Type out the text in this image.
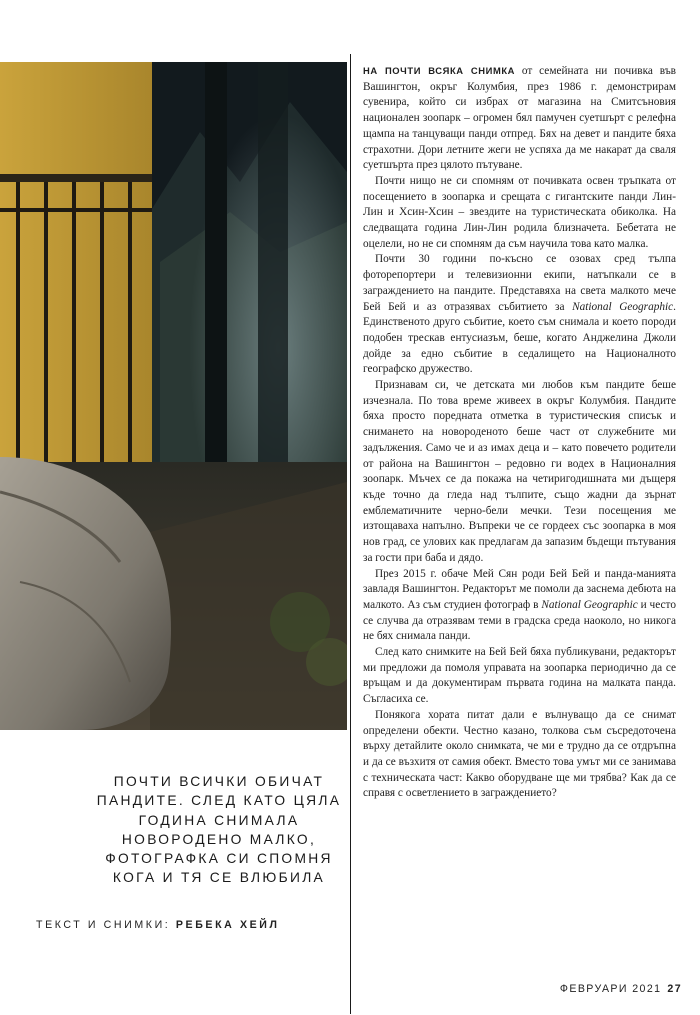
НА ПОЧТИ ВСЯКА СНИМКА от семейната ни почивка във Вашингтон, окръг Колумбия, през 1986 г. демонстрирам сувенира, който си избрах от магазина на Смитсъновия национален зоопарк – огромен бял памучен суетшърт с релефна щампа на танцуващи панди отпред. Бях на девет и пандите бяха страхотни. Дори летните жеги не успяха да ме накарат да сваля суетшърта през цялото пътуване.

Почти нищо не си спомням от почивката освен тръпката от посещението в зоопарка и срещата с гигантските панди Лин-Лин и Хсин-Хсин – звездите на туристическата обиколка. На следващата година Лин-Лин родила близначета. Бебетата не оцелели, но не си спомням да съм научила това като малка.

Почти 30 години по-късно се озовах сред тълпа фоторепортери и телевизионни екипи, натъпкали се в заграждението на пандите. Представяха на света малкото мече Бей Бей и аз отразявах събитието за National Geographic. Единственото друго събитие, което съм снимала и което породи подобен трескав ентусиазъм, беше, когато Анджелина Джоли дойде за едно събитие в седалището на Националното географско дружество.

Признавам си, че детската ми любов към пандите беше изчезнала. По това време живеех в окръг Колумбия. Пандите бяха просто поредната отметка в туристическия списък и снимането на новороденото беше част от служебните ми задължения. Само че и аз имах деца и – като повечето родители от района на Вашингтон – редовно ги водех в Националния зоопарк. Мъчех се да покажа на четиригодишната ми дъщеря къде точно да гледа над тълпите, също жадни да зърнат емблематичните черно-бели мечки. Тези посещения ме изтощаваха напълно. Въпреки че се гордеех със зоопарка в моя нов град, се улових как предлагам да запазим бъдещи пътувания за гости при баба и дядо.

През 2015 г. обаче Мей Сян роди Бей Бей и панда-манията завладя Вашингтон. Редакторът ме помоли да заснема дебюта на малкото. Аз съм студиен фотограф в National Geographic и често се случва да отразявам теми в градска среда наоколо, но никога не бях снимала панди.

След като снимките на Бей Бей бяха публикувани, редакторът ми предложи да помоля управата на зоопарка периодично да се връщам и да документирам първата година на малката панда. Съгласиха се.

Понякога хората питат дали е вълнуващо да се снимат определени обекти. Честно казано, толкова съм съсредоточена върху детайлите около снимката, че ми е трудно да се отдръпна и да се възхитя от самия обект. Вместо това умът ми се занимава с техническата част: Какво оборудване ще ми трябва? Как да се справя с осветлението в заграждението?

ПОЧТИ ВСИЧКИ ОБИЧАТ ПАНДИТЕ. СЛЕД КАТО ЦЯЛА ГОДИНА СНИМАЛА НОВОРОДЕНО МАЛКО, ФОТОГРАФКА СИ СПОМНЯ КОГА И ТЯ СЕ ВЛЮБИЛА
ТЕКСТ И СНИМКИ: РЕБЕКА ХЕЙЛ
ФЕВРУАРИ 2021 27
